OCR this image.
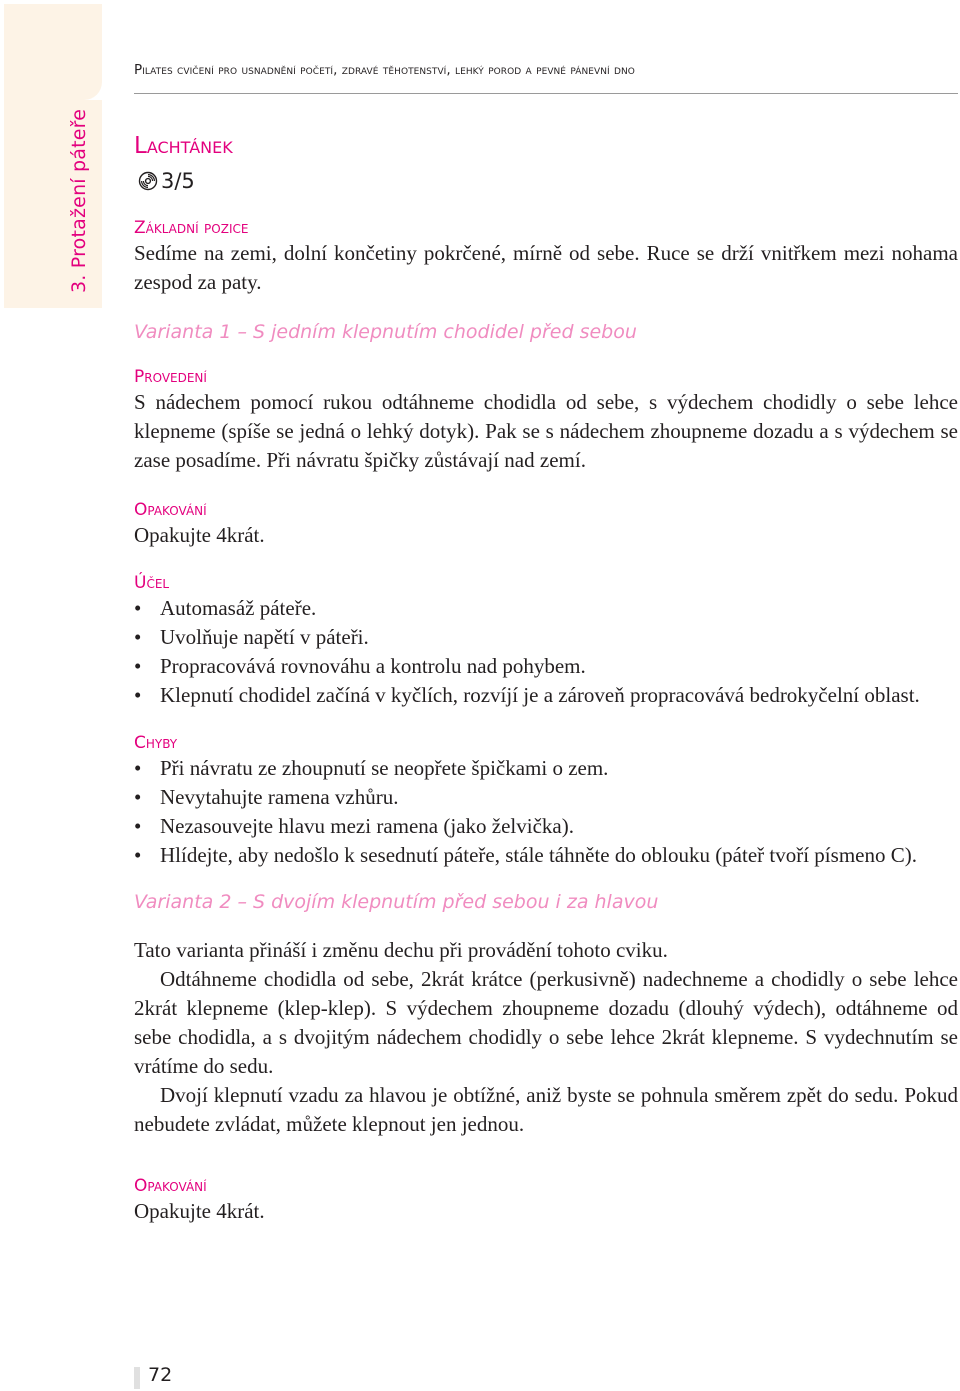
3. Protažení páteře
Pilates cvičení pro usnadnění početí, zdravé těhotenství, lehký porod a pevné pánevní dno
Lachtánek
3/5
Základní pozice

Sedíme na zemi, dolní končetiny pokrčené, mírně od sebe. Ruce se drží vnitřkem mezi nohama zespod za paty.

Varianta 1 – S jedním klepnutím chodidel před sebou
Provedení

S nádechem pomocí rukou odtáhneme chodidla od sebe, s výdechem chodidly o sebe lehce klepneme (spíše se jedná o lehký dotyk). Pak se s nádechem zhoupneme dozadu a s výdechem se zase posadíme. Při návratu špičky zůstávají nad zemí.

Opakování

Opakujte 4krát.

Účel
• Automasáž páteře.
• Uvolňuje napětí v páteři.
• Propracovává rovnováhu a kontrolu nad pohybem.
• Klepnutí chodidel začíná v kyčlích, rozvíjí je a zároveň propracovává bedrokyčelní oblast.
Chyby
• Při návratu ze zhoupnutí se neopřete špičkami o zem.
• Nevytahujte ramena vzhůru.
• Nezasouvejte hlavu mezi ramena (jako želvička).
• Hlídejte, aby nedošlo k sesednutí páteře, stále táhněte do oblouku (páteř tvoří písmeno C).
Varianta 2 – S dvojím klepnutím před sebou i za hlavou

Tato varianta přináší i změnu dechu při provádění tohoto cviku.

Odtáhneme chodidla od sebe, 2krát krátce (perkusivně) nadechneme a chodidly o sebe lehce 2krát klepneme (klep-klep). S výdechem zhoupneme dozadu (dlouhý výdech), odtáhneme od sebe chodidla, a s dvojitým nádechem chodidly o sebe lehce 2krát klepneme. S vydechnutím se vrátíme do sedu.

Dvojí klepnutí vzadu za hlavou je obtížné, aniž byste se pohnula směrem zpět do sedu. Pokud nebudete zvládat, můžete klepnout jen jednou.

Opakování

Opakujte 4krát.

72
